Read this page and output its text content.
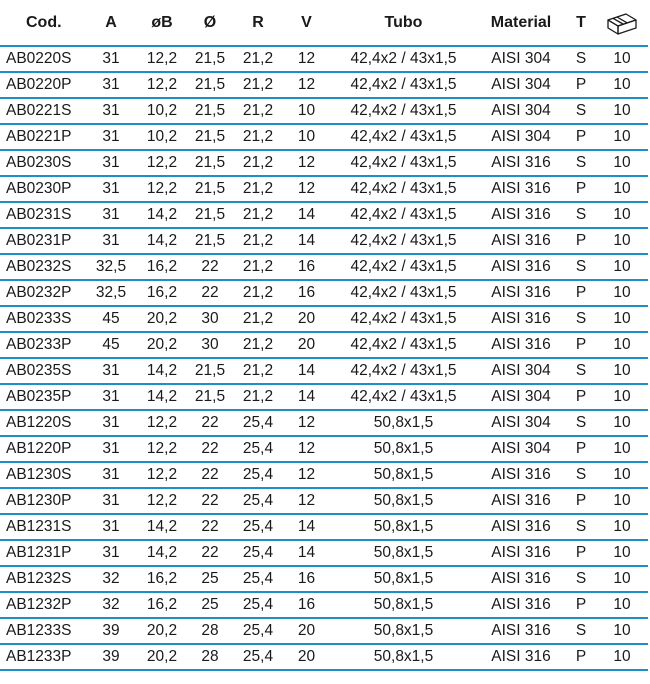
Cod.	A	øB	Ø	R	V	Tubo	Material	T	

AB0220S	31	12,2	21,5	21,2	12	42,4x2 / 43x1,5	AISI 304	S	10
AB0220P	31	12,2	21,5	21,2	12	42,4x2 / 43x1,5	AISI 304	P	10
AB0221S	31	10,2	21,5	21,2	10	42,4x2 / 43x1,5	AISI 304	S	10
AB0221P	31	10,2	21,5	21,2	10	42,4x2 / 43x1,5	AISI 304	P	10
AB0230S	31	12,2	21,5	21,2	12	42,4x2 / 43x1,5	AISI 316	S	10
AB0230P	31	12,2	21,5	21,2	12	42,4x2 / 43x1,5	AISI 316	P	10
AB0231S	31	14,2	21,5	21,2	14	42,4x2 / 43x1,5	AISI 316	S	10
AB0231P	31	14,2	21,5	21,2	14	42,4x2 / 43x1,5	AISI 316	P	10
AB0232S	32,5	16,2	22	21,2	16	42,4x2 / 43x1,5	AISI 316	S	10
AB0232P	32,5	16,2	22	21,2	16	42,4x2 / 43x1,5	AISI 316	P	10
AB0233S	45	20,2	30	21,2	20	42,4x2 / 43x1,5	AISI 316	S	10
AB0233P	45	20,2	30	21,2	20	42,4x2 / 43x1,5	AISI 316	P	10
AB0235S	31	14,2	21,5	21,2	14	42,4x2 / 43x1,5	AISI 304	S	10
AB0235P	31	14,2	21,5	21,2	14	42,4x2 / 43x1,5	AISI 304	P	10
AB1220S	31	12,2	22	25,4	12	50,8x1,5	AISI 304	S	10
AB1220P	31	12,2	22	25,4	12	50,8x1,5	AISI 304	P	10
AB1230S	31	12,2	22	25,4	12	50,8x1,5	AISI 316	S	10
AB1230P	31	12,2	22	25,4	12	50,8x1,5	AISI 316	P	10
AB1231S	31	14,2	22	25,4	14	50,8x1,5	AISI 316	S	10
AB1231P	31	14,2	22	25,4	14	50,8x1,5	AISI 316	P	10
AB1232S	32	16,2	25	25,4	16	50,8x1,5	AISI 316	S	10
AB1232P	32	16,2	25	25,4	16	50,8x1,5	AISI 316	P	10
AB1233S	39	20,2	28	25,4	20	50,8x1,5	AISI 316	S	10
AB1233P	39	20,2	28	25,4	20	50,8x1,5	AISI 316	P	10
